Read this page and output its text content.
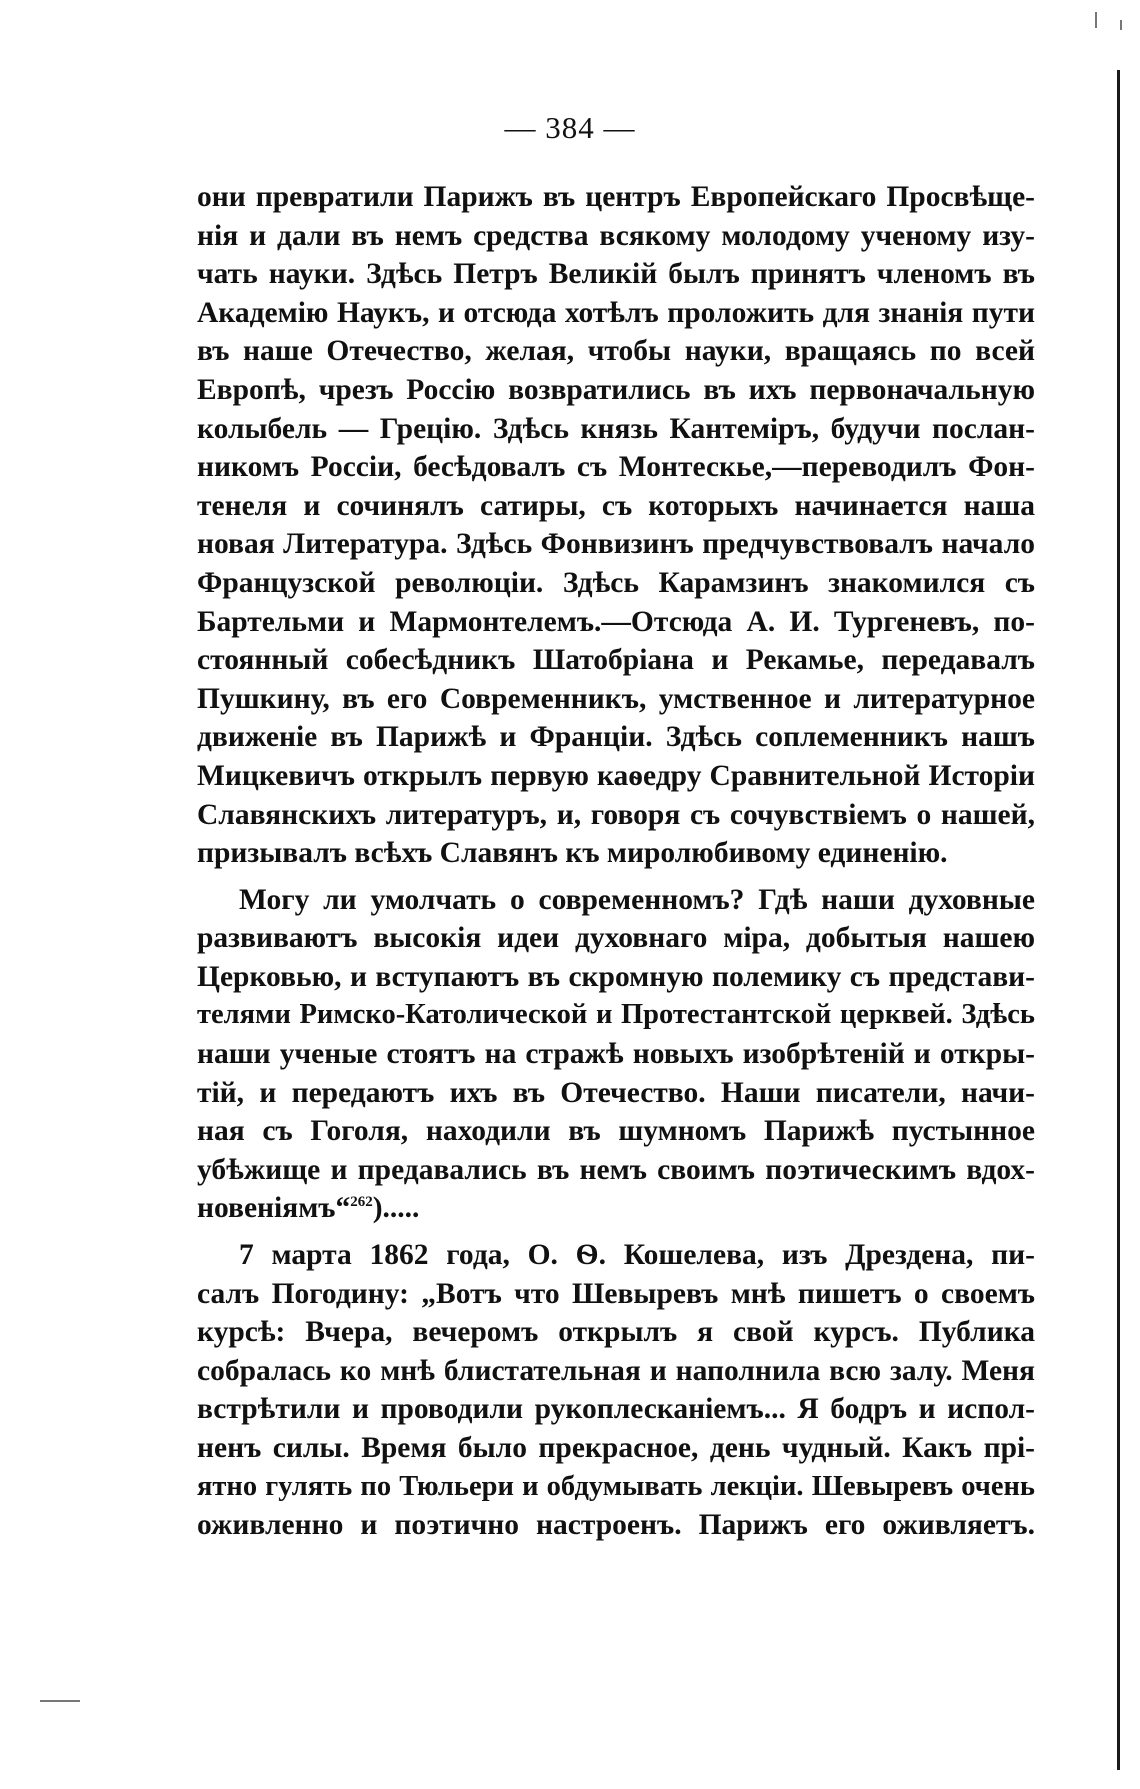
— 384 —
они превратили Парижъ въ центръ Европейскаго Просвѣще-
нія и дали въ немъ средства всякому молодому ученому изу-
чать науки. Здѣсь Петръ Великій былъ принятъ членомъ въ
Академію Наукъ, и отсюда хотѣлъ проложить для знанія пути
въ наше Отечество, желая, чтобы науки, вращаясь по всей
Европѣ, чрезъ Россію возвратились въ ихъ первоначальную
колыбель — Грецію. Здѣсь князь Кантеміръ, будучи послан-
никомъ Россіи, бесѣдовалъ съ Монтескье,—переводилъ Фон-
тенеля и сочинялъ сатиры, съ которыхъ начинается наша
новая Литература. Здѣсь Фонвизинъ предчувствовалъ начало
Французской революціи. Здѣсь Карамзинъ знакомился съ
Бартельми и Мармонтелемъ.—Отсюда А. И. Тургеневъ, по-
стоянный собесѣдникъ Шатобріана и Рекамье, передавалъ
Пушкину, въ его Современникъ, умственное и литературное
движеніе въ Парижѣ и Франціи. Здѣсь соплеменникъ нашъ
Мицкевичъ открылъ первую каѳедру Сравнительной Исторіи
Славянскихъ литературъ, и, говоря съ сочувствіемъ о нашей,
призывалъ всѣхъ Славянъ къ миролюбивому единенію.
Могу ли умолчать о современномъ? Гдѣ наши духовные
развиваютъ высокія идеи духовнаго міра, добытыя нашею
Церковью, и вступаютъ въ скромную полемику съ представи-
телями Римско-Католической и Протестантской церквей. Здѣсь
наши ученые стоятъ на стражѣ новыхъ изобрѣтеній и откры-
тій, и передаютъ ихъ въ Отечество. Наши писатели, начи-
ная съ Гоголя, находили въ шумномъ Парижѣ пустынное
убѣжище и предавались въ немъ своимъ поэтическимъ вдох-
новеніямъ“$^{262}$).....
7 марта 1862 года, О. Ѳ. Кошелева, изъ Дрездена, пи-
салъ Погодину: „Вотъ что Шевыревъ мнѣ пишетъ о своемъ
курсѣ: Вчера, вечеромъ открылъ я свой курсъ. Публика
собралась ко мнѣ блистательная и наполнила всю залу. Меня
встрѣтили и проводили рукоплесканіемъ... Я бодръ и испол-
ненъ силы. Время было прекрасное, день чудный. Какъ прі-
ятно гулять по Тюльери и обдумывать лекціи. Шевыревъ очень
оживленно и поэтично настроенъ. Парижъ его оживляетъ.
